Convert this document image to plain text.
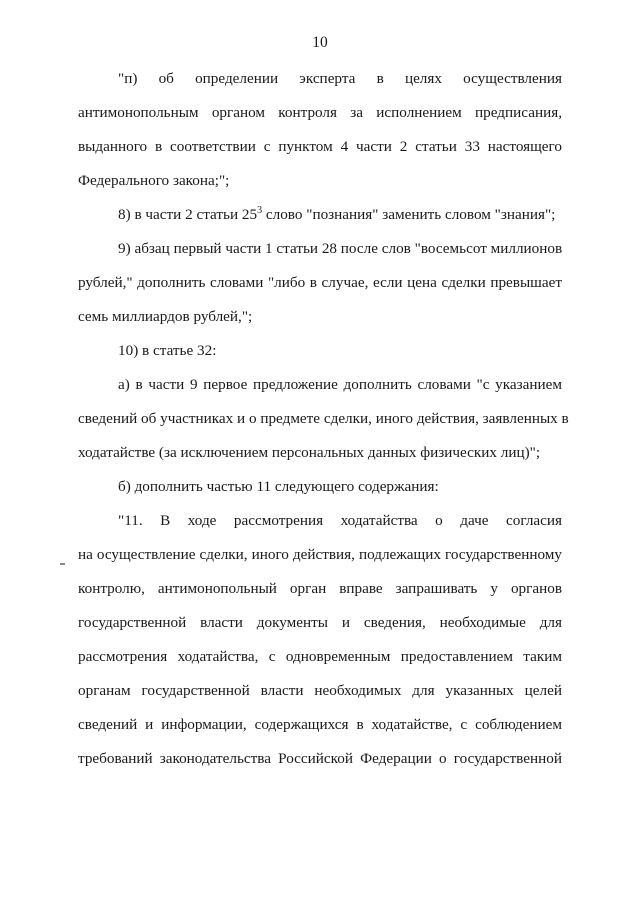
10
"п) об определении эксперта в целях осуществления
антимонопольным органом контроля за исполнением предписания,
выданного в соответствии с пунктом 4 части 2 статьи 33 настоящего
Федерального закона;";
8) в части 2 статьи $25^3$ слово "познания" заменить словом "знания";
9) абзац первый части 1 статьи 28 после слов "восемьсот миллионов
рублей," дополнить словами "либо в случае, если цена сделки превышает
семь миллиардов рублей,";
10) в статье 32:
а) в части 9 первое предложение дополнить словами "с указанием
сведений об участниках и о предмете сделки, иного действия, заявленных в
ходатайстве (за исключением персональных данных физических лиц)";
б) дополнить частью 11 следующего содержания:
"11. В ходе рассмотрения ходатайства о даче согласия
на осуществление сделки, иного действия, подлежащих государственному
контролю, антимонопольный орган вправе запрашивать у органов
государственной власти документы и сведения, необходимые для
рассмотрения ходатайства, с одновременным предоставлением таким
органам государственной власти необходимых для указанных целей
сведений и информации, содержащихся в ходатайстве, с соблюдением
требований законодательства Российской Федерации о государственной
